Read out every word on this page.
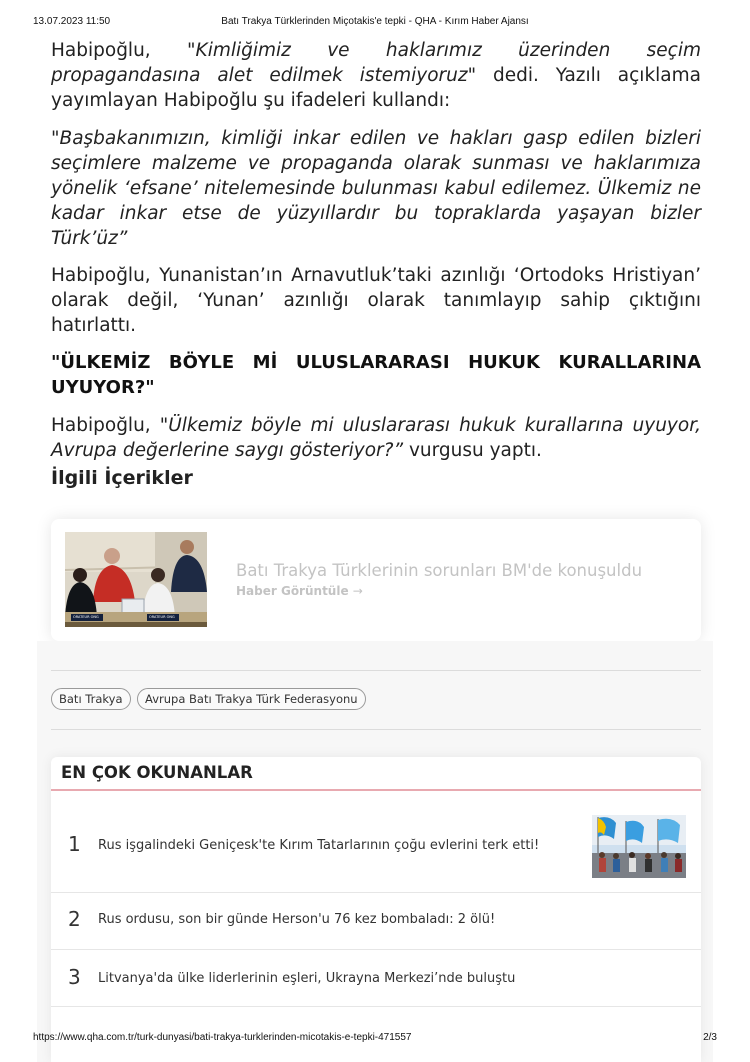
13.07.2023 11:50	Batı Trakya Türklerinden Miçotakis'e tepki - QHA - Kırım Haber Ajansı

Habipoğlu, "Kimliğimiz ve haklarımız üzerinden seçim propagandasına alet edilmek istemiyoruz" dedi. Yazılı açıklama yayımlayan Habipoğlu şu ifadeleri kullandı:

"Başbakanımızın, kimliği inkar edilen ve hakları gasp edilen bizleri seçimlere malzeme ve propaganda olarak sunması ve haklarımıza yönelik ‘efsane’ nitelemesinde bulunması kabul edilemez. Ülkemiz ne kadar inkar etse de yüzyıllardır bu topraklarda yaşayan bizler Türk’üz”

Habipoğlu, Yunanistan’ın Arnavutluk’taki azınlığı ‘Ortodoks Hristiyan’ olarak değil, ‘Yunan’ azınlığı olarak tanımlayıp sahip çıktığını hatırlattı.

"ÜLKEMİZ BÖYLE Mİ ULUSLARARASI HUKUK KURALLARINA UYUYOR?"

Habipoğlu, "Ülkemiz böyle mi uluslararası hukuk kurallarına uyuyor, Avrupa değerlerine saygı gösteriyor?” vurgusu yaptı.

İlgili İçerikler
ORATEUR ONG	ORATEUR ONG

Batı Trakya Türklerinin sorunları BM'de konuşuldu

Haber Görüntüle →
Batı Trakya	Avrupa Batı Trakya Türk Federasyonu
EN ÇOK OKUNANLAR
1 Rus işgalindeki Geniçesk'te Kırım Tatarlarının çoğu evlerini terk etti!
2 Rus ordusu, son bir günde Herson'u 76 kez bombaladı: 2 ölü!
3 Litvanya'da ülke liderlerinin eşleri, Ukrayna Merkezi’nde buluştu
https://www.qha.com.tr/turk-dunyasi/bati-trakya-turklerinden-micotakis-e-tepki-471557	2/3
